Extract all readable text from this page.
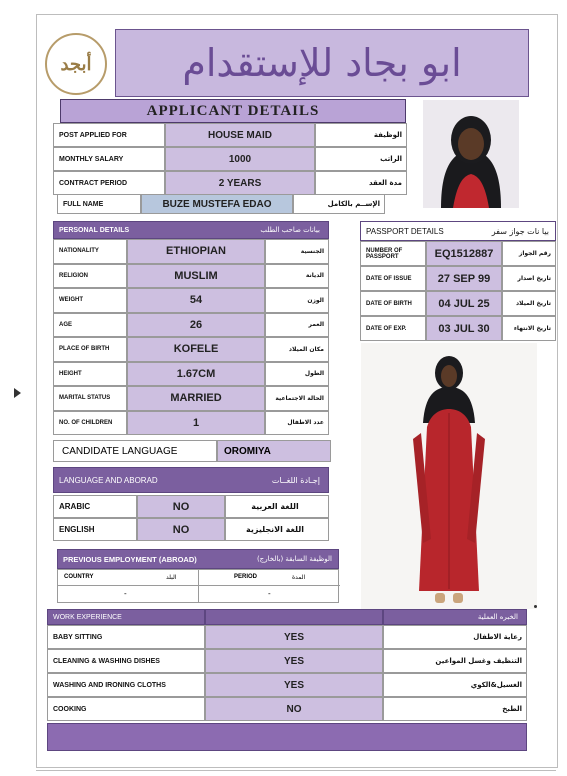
أبجد ابو بجاد للإستقدام
APPLICANT DETAILS
POST APPLIED FOR	HOUSE MAID	الوظيفة
MONTHLY SALARY	1000	الراتب
CONTRACT PERIOD	2 YEARS	مدة العقد
FULL NAME	BUZE MUSTEFA EDAO	الإســم بالكامل
PERSONAL DETAILS	بيانات صاحب الطلب
NATIONALITY	ETHIOPIAN	الجنسية
RELIGION	MUSLIM	الديانة
WEIGHT	54	الوزن
AGE	26	العمر
PLACE OF BIRTH	KOFELE	مكان الميلاد
HEIGHT	1.67CM	الطول
MARITAL STATUS	MARRIED	الحالة الاجتماعية
NO. OF CHILDREN	1	عدد الاطفال
PASSPORT DETAILS	بيا نات جواز سفر
NUMBER OF PASSPORT	EQ1512887	رقم الجواز
DATE OF ISSUE	27 SEP 99	تاريخ اصدار
DATE OF BIRTH	04 JUL 25	تاريخ الميلاد
DATE OF EXP.	03 JUL 30	تاريخ الانتهاء
CANDIDATE LANGUAGE	OROMIYA
LANGUAGE AND ABORAD	إجـادة اللغــات
ARABIC	NO	اللغة العربية
ENGLISH	NO	اللغة الانجليزية
PREVIOUS EMPLOYMENT (ABROAD)	الوظيفة السابقة (بالخارج)
COUNTRY	البلد	PERIOD	المدة
-	-
WORK EXPERIENCE	الخبره العملية
BABY SITTING	YES	رعاية الاطفال
CLEANING & WASHING DISHES	YES	التنظيف وغسل المواعين
WASHING AND IRONING CLOTHS	YES	الغسيل&الكوي
COOKING	NO	الطبخ
